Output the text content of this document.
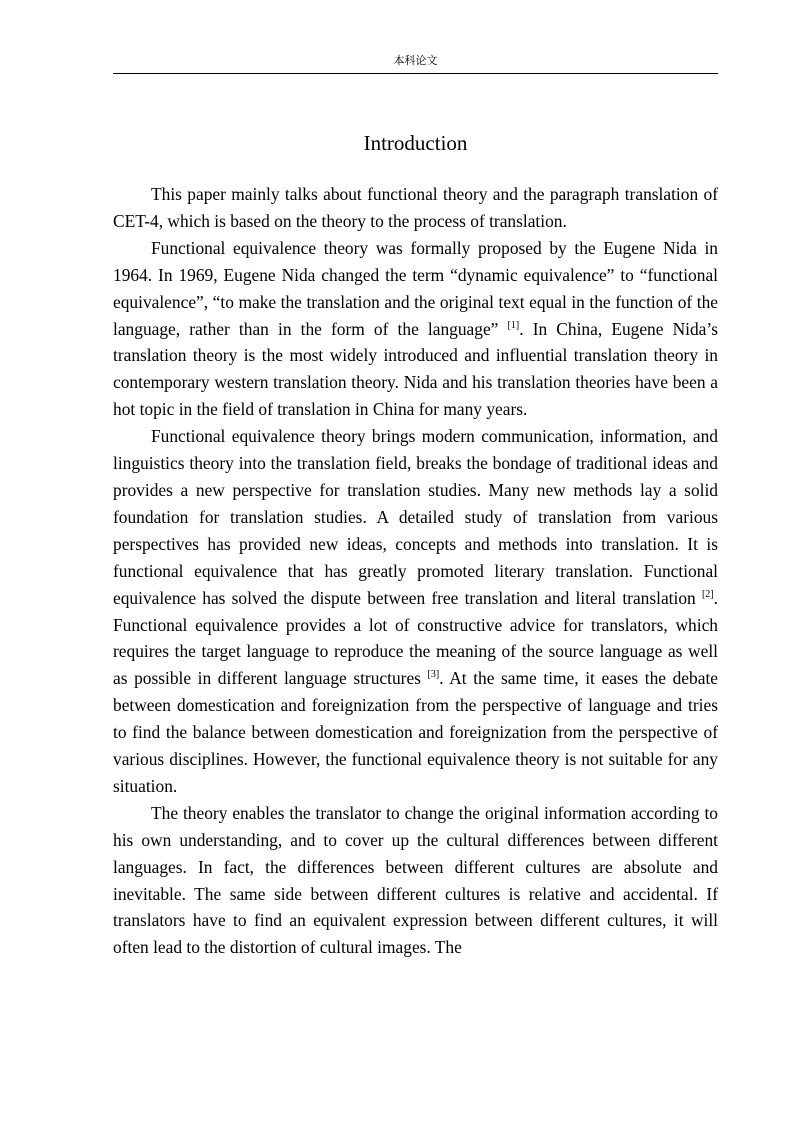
本科论文
Introduction

This paper mainly talks about functional theory and the paragraph translation of CET-4, which is based on the theory to the process of translation.

Functional equivalence theory was formally proposed by the Eugene Nida in 1964. In 1969, Eugene Nida changed the term “dynamic equivalence” to “functional equivalence”, “to make the translation and the original text equal in the function of the language, rather than in the form of the language” [1]. In China, Eugene Nida’s translation theory is the most widely introduced and influential translation theory in contemporary western translation theory. Nida and his translation theories have been a hot topic in the field of translation in China for many years.

Functional equivalence theory brings modern communication, information, and linguistics theory into the translation field, breaks the bondage of traditional ideas and provides a new perspective for translation studies. Many new methods lay a solid foundation for translation studies. A detailed study of translation from various perspectives has provided new ideas, concepts and methods into translation. It is functional equivalence that has greatly promoted literary translation. Functional equivalence has solved the dispute between free translation and literal translation [2]. Functional equivalence provides a lot of constructive advice for translators, which requires the target language to reproduce the meaning of the source language as well as possible in different language structures [3]. At the same time, it eases the debate between domestication and foreignization from the perspective of language and tries to find the balance between domestication and foreignization from the perspective of various disciplines. However, the functional equivalence theory is not suitable for any situation.

The theory enables the translator to change the original information according to his own understanding, and to cover up the cultural differences between different languages. In fact, the differences between different cultures are absolute and inevitable. The same side between different cultures is relative and accidental. If translators have to find an equivalent expression between different cultures, it will often lead to the distortion of cultural images. The
